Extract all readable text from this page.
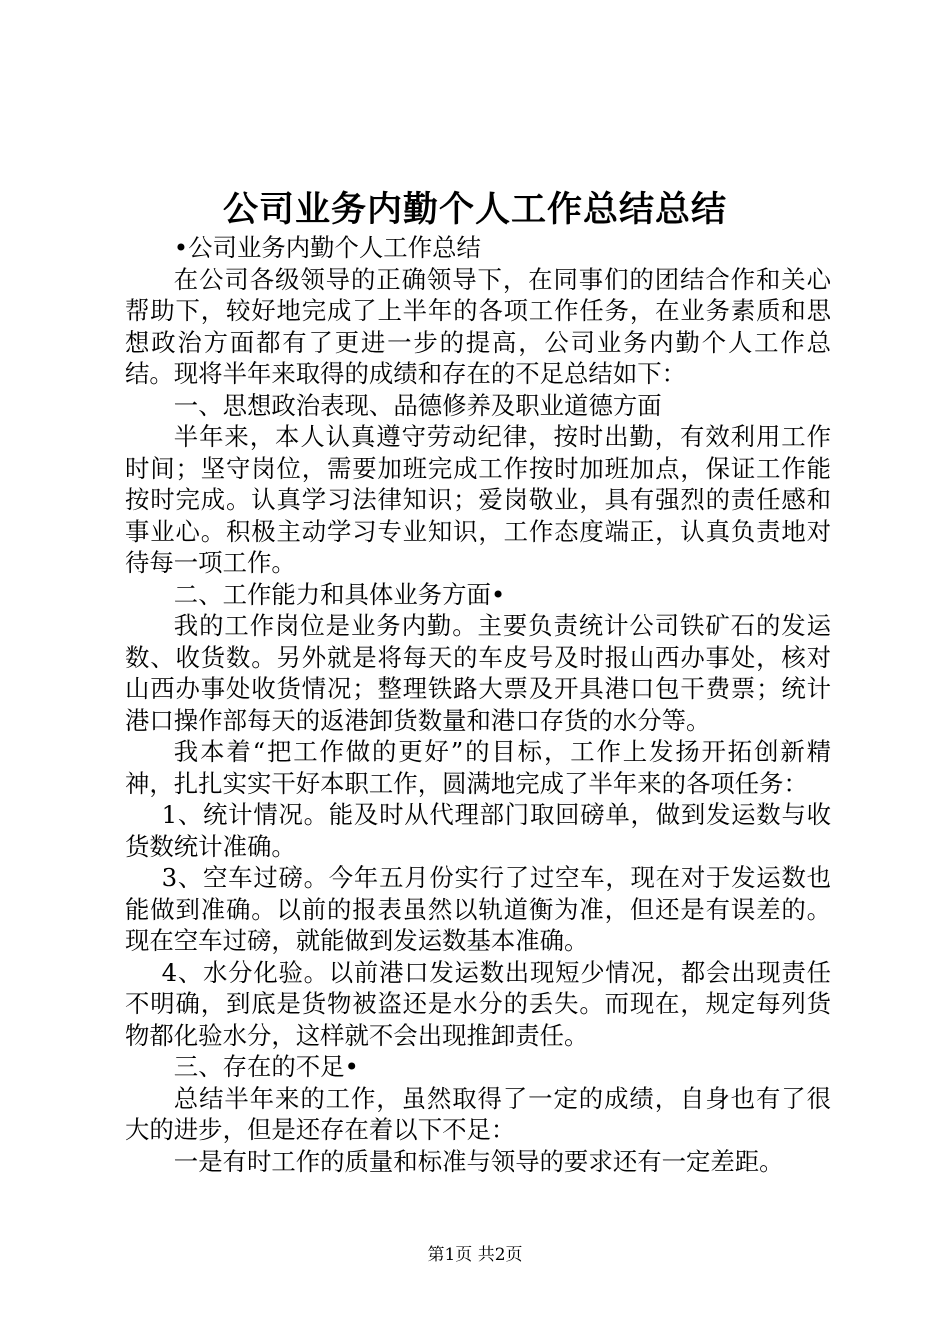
公司业务内勤个人工作总结总结

•公司业务内勤个人工作总结

在公司各级领导的正确领导下，在同事们的团结合作和关心帮助下，较好地完成了上半年的各项工作任务，在业务素质和思想政治方面都有了更进一步的提高，公司业务内勤个人工作总结。现将半年来取得的成绩和存在的不足总结如下：

一、思想政治表现、品德修养及职业道德方面

半年来，本人认真遵守劳动纪律，按时出勤，有效利用工作时间；坚守岗位，需要加班完成工作按时加班加点，保证工作能按时完成。认真学习法律知识；爱岗敬业，具有强烈的责任感和事业心。积极主动学习专业知识，工作态度端正，认真负责地对待每一项工作。

二、工作能力和具体业务方面•

我的工作岗位是业务内勤。主要负责统计公司铁矿石的发运数、收货数。另外就是将每天的车皮号及时报山西办事处，核对山西办事处收货情况；整理铁路大票及开具港口包干费票；统计港口操作部每天的返港卸货数量和港口存货的水分等。

我本着“把工作做的更好”的目标，工作上发扬开拓创新精神，扎扎实实干好本职工作，圆满地完成了半年来的各项任务：

1、统计情况。能及时从代理部门取回磅单，做到发运数与收货数统计准确。

3、空车过磅。今年五月份实行了过空车，现在对于发运数也能做到准确。以前的报表虽然以轨道衡为准，但还是有误差的。现在空车过磅，就能做到发运数基本准确。

4、水分化验。以前港口发运数出现短少情况，都会出现责任不明确，到底是货物被盗还是水分的丢失。而现在，规定每列货物都化验水分，这样就不会出现推卸责任。

三、存在的不足•

总结半年来的工作，虽然取得了一定的成绩，自身也有了很大的进步，但是还存在着以下不足：

一是有时工作的质量和标准与领导的要求还有一定差距。

第1页 共2页
